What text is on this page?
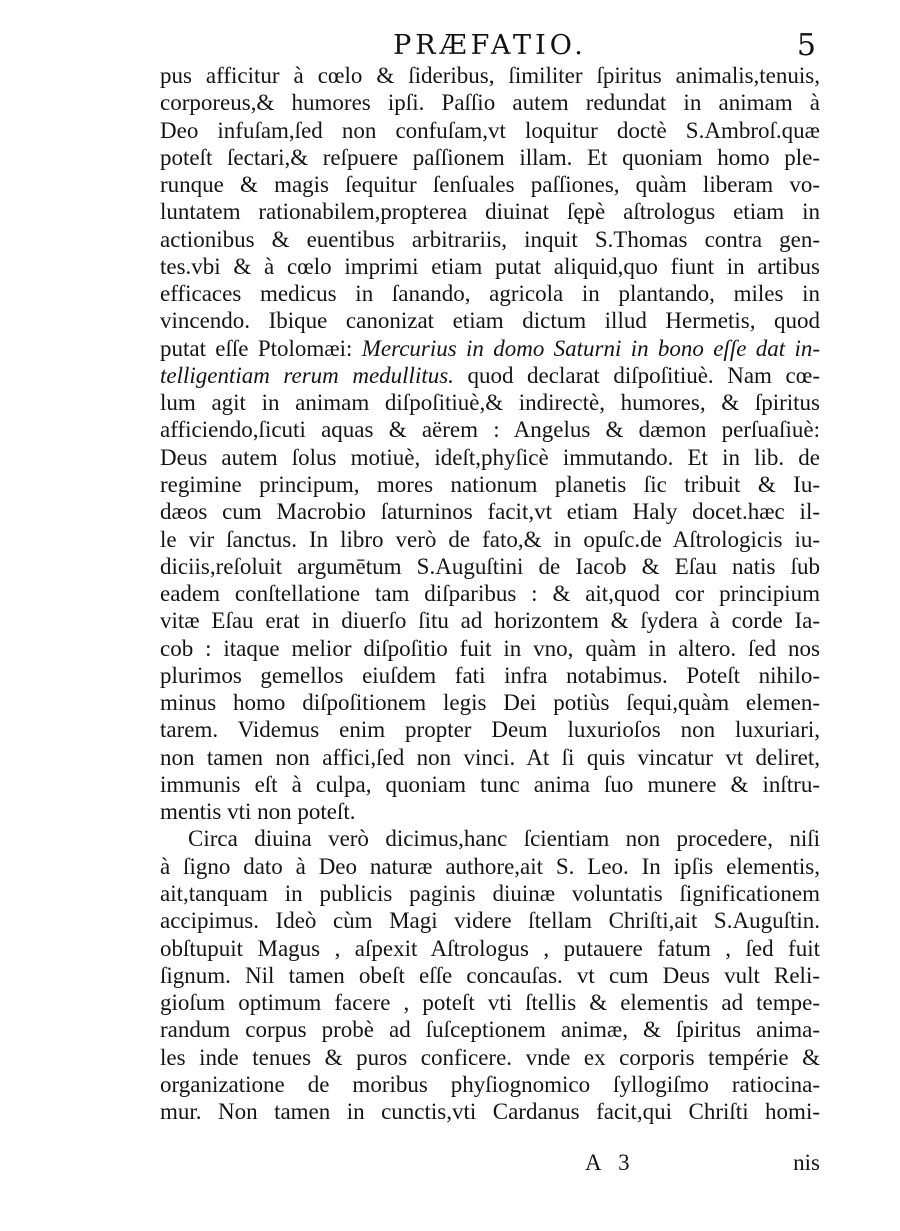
PRÆFATIO.	5
pus afficitur à cœlo & ſideribus, ſimiliter ſpiritus animalis,tenuis,
corporeus,& humores ipſi. Paſſio autem redundat in animam à
Deo infuſam,ſed non confuſam,vt loquitur doctè S.Ambroſ.quæ
poteſt ſectari,& reſpuere paſſionem illam. Et quoniam homo ple-
runque & magis ſequitur ſenſuales paſſiones, quàm liberam vo-
luntatem rationabilem,propterea diuinat ſępè aſtrologus etiam in
actionibus & euentibus arbitrariis, inquit S.Thomas contra gen-
tes.vbi & à cœlo imprimi etiam putat aliquid,quo fiunt in artibus
efficaces medicus in ſanando, agricola in plantando, miles in
vincendo. Ibique canonizat etiam dictum illud Hermetis, quod
putat eſſe Ptolomæi: Mercurius in domo Saturni in bono eſſe dat in-
telligentiam rerum medullitus. quod declarat diſpoſitiuè. Nam cœ-
lum agit in animam diſpoſitiuè,& indirectè, humores, & ſpiritus
afficiendo,ſicuti aquas & aërem : Angelus & dæmon perſuaſiuè:
Deus autem ſolus motiuè, ideſt,phyſicè immutando. Et in lib. de
regimine principum, mores nationum planetis ſic tribuit & Iu-
dæos cum Macrobio ſaturninos facit,vt etiam Haly docet.hæc il-
le vir ſanctus. In libro verò de fato,& in opuſc.de Aſtrologicis iu-
diciis,reſoluit argumētum S.Auguſtini de Iacob & Eſau natis ſub
eadem conſtellatione tam diſparibus : & ait,quod cor principium
vitæ Eſau erat in diuerſo ſitu ad horizontem & ſydera à corde Ia-
cob : itaque melior diſpoſitio fuit in vno, quàm in altero. ſed nos
plurimos gemellos eiuſdem fati infra notabimus. Poteſt nihilo-
minus homo diſpoſitionem legis Dei potiùs ſequi,quàm elemen-
tarem. Videmus enim propter Deum luxurioſos non luxuriari,
non tamen non affici,ſed non vinci. At ſi quis vincatur vt deliret,
immunis eſt à culpa, quoniam tunc anima ſuo munere & inſtru-
mentis vti non poteſt.
Circa diuina verò dicimus,hanc ſcientiam non procedere, niſi
à ſigno dato à Deo naturæ authore,ait S. Leo. In ipſis elementis,
ait,tanquam in publicis paginis diuinæ voluntatis ſignificationem
accipimus. Ideò cùm Magi videre ſtellam Chriſti,ait S.Auguſtin.
obſtupuit Magus , aſpexit Aſtrologus , putauere fatum , ſed fuit
ſignum. Nil tamen obeſt eſſe concauſas. vt cum Deus vult Reli-
gioſum optimum facere , poteſt vti ſtellis & elementis ad tempe-
randum corpus probè ad ſuſceptionem animæ, & ſpiritus anima-
les inde tenues & puros conficere. vnde ex corporis tempérie &
organizatione de moribus phyſiognomico ſyllogiſmo ratiocina-
mur. Non tamen in cunctis,vti Cardanus facit,qui Chriſti homi-
A 3	nis
